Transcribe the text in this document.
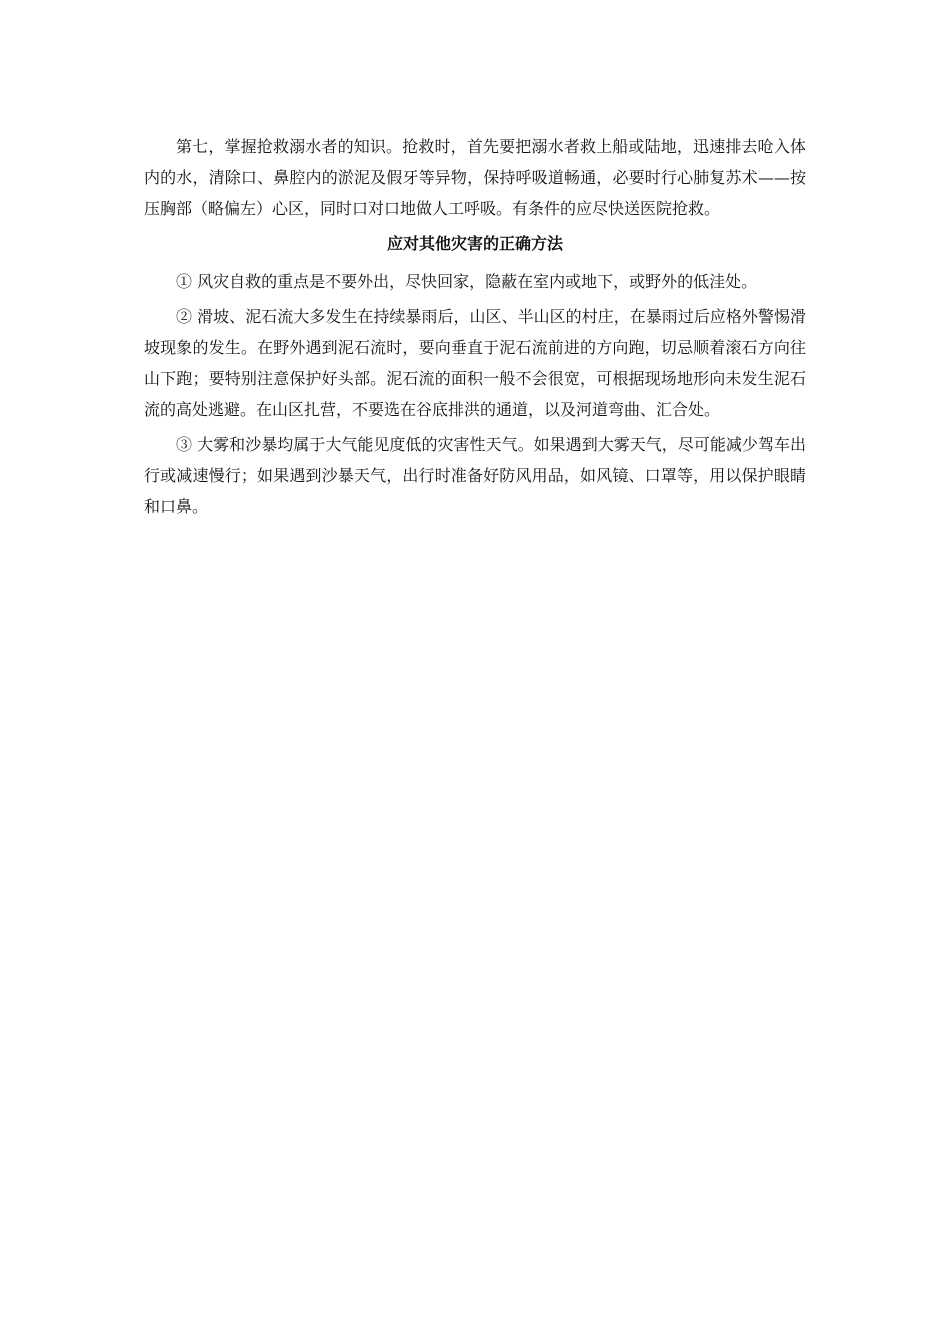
第七，掌握抢救溺水者的知识。抢救时，首先要把溺水者救上船或陆地，迅速排去呛入体内的水，清除口、鼻腔内的淤泥及假牙等异物，保持呼吸道畅通，必要时行心肺复苏术——按压胸部（略偏左）心区，同时口对口地做人工呼吸。有条件的应尽快送医院抢救。

应对其他灾害的正确方法

① 风灾自救的重点是不要外出，尽快回家，隐蔽在室内或地下，或野外的低洼处。

② 滑坡、泥石流大多发生在持续暴雨后，山区、半山区的村庄，在暴雨过后应格外警惕滑坡现象的发生。在野外遇到泥石流时，要向垂直于泥石流前进的方向跑，切忌顺着滚石方向往山下跑；要特别注意保护好头部。泥石流的面积一般不会很宽，可根据现场地形向未发生泥石流的高处逃避。在山区扎营，不要选在谷底排洪的通道，以及河道弯曲、汇合处。

③ 大雾和沙暴均属于大气能见度低的灾害性天气。如果遇到大雾天气，尽可能减少驾车出行或减速慢行；如果遇到沙暴天气，出行时准备好防风用品，如风镜、口罩等，用以保护眼睛和口鼻。
